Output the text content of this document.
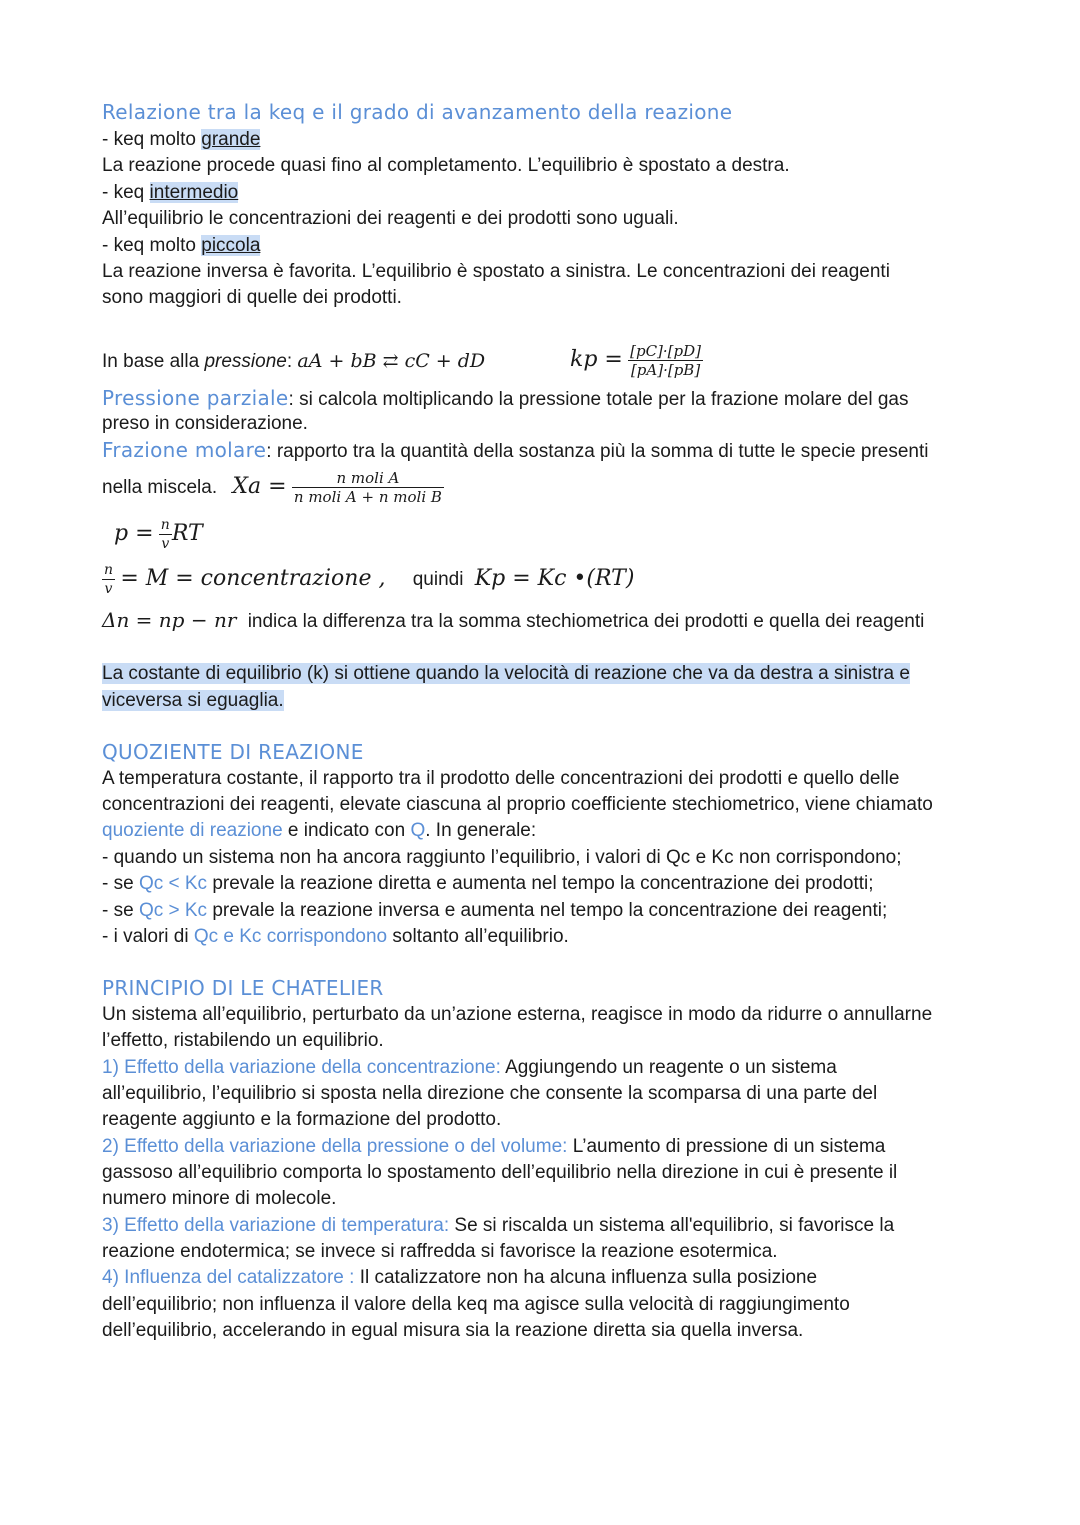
Relazione tra la keq e il grado di avanzamento della reazione
- keq molto grande
La reazione procede quasi fino al completamento. L’equilibrio è spostato a destra.
- keq intermedio
All’equilibrio le concentrazioni dei reagenti e dei prodotti sono uguali.
- keq molto piccola
La reazione inversa è favorita. L’equilibrio è spostato a sinistra. Le concentrazioni dei reagenti
sono maggiori di quelle dei prodotti.
In base alla pressione: aA + bB ⇄ cC + dD	kp = $\frac{[pC]\cdot[pD]}{[pA]\cdot[pB]}$
Pressione parziale: si calcola moltiplicando la pressione totale per la frazione molare del gas
preso in considerazione.
Frazione molare: rapporto tra la quantità della sostanza più la somma di tutte le specie presenti
nella miscela. $Xa = \frac{\text{n moli A}}{\text{n moli A + n moli B}}$
$p = \frac{n}{v}$ RT
$\frac{n}{v} = M$ = concentrazione , quindi Kp = Kc •(RT)
Δn = np − nr indica la differenza tra la somma stechiometrica dei prodotti e quella dei reagenti
La costante di equilibrio (k) si ottiene quando la velocità di reazione che va da destra a sinistra e
viceversa si eguaglia.
QUOZIENTE DI REAZIONE
A temperatura costante, il rapporto tra il prodotto delle concentrazioni dei prodotti e quello delle
concentrazioni dei reagenti, elevate ciascuna al proprio coefficiente stechiometrico, viene chiamato
quoziente di reazione e indicato con Q. In generale:
- quando un sistema non ha ancora raggiunto l’equilibrio, i valori di Qc e Kc non corrispondono;
- se Qc < Kc prevale la reazione diretta e aumenta nel tempo la concentrazione dei prodotti;
- se Qc > Kc prevale la reazione inversa e aumenta nel tempo la concentrazione dei reagenti;
- i valori di Qc e Kc corrispondono soltanto all’equilibrio.
PRINCIPIO DI LE CHATELIER
Un sistema all’equilibrio, perturbato da un’azione esterna, reagisce in modo da ridurre o annullarne
l’effetto, ristabilendo un equilibrio.
1) Effetto della variazione della concentrazione: Aggiungendo un reagente o un sistema
all’equilibrio, l’equilibrio si sposta nella direzione che consente la scomparsa di una parte del
reagente aggiunto e la formazione del prodotto.
2) Effetto della variazione della pressione o del volume: L’aumento di pressione di un sistema
gassoso all’equilibrio comporta lo spostamento dell’equilibrio nella direzione in cui è presente il
numero minore di molecole.
3) Effetto della variazione di temperatura: Se si riscalda un sistema all'equilibrio, si favorisce la
reazione endotermica; se invece si raffredda si favorisce la reazione esotermica.
4) Influenza del catalizzatore : Il catalizzatore non ha alcuna influenza sulla posizione
dell’equilibrio; non influenza il valore della keq ma agisce sulla velocità di raggiungimento
dell’equilibrio, accelerando in egual misura sia la reazione diretta sia quella inversa.
